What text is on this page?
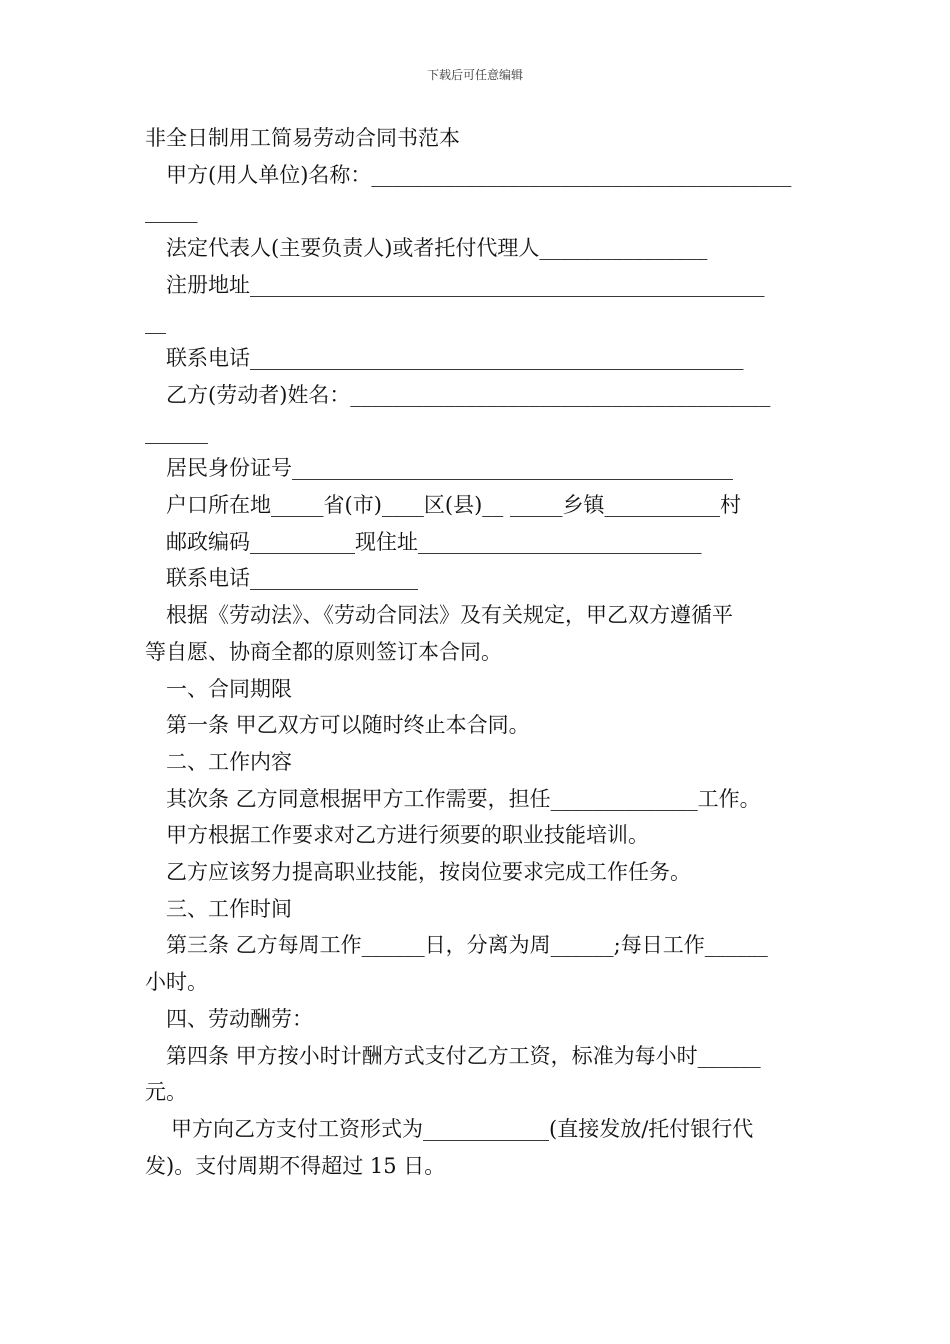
下载后可任意编辑
非全日制用工简易劳动合同书范本
甲方(用人单位)名称：________________________________________
_____
法定代表人(主要负责人)或者托付代理人________________
注册地址_________________________________________________
__
联系电话_______________________________________________
乙方(劳动者)姓名：________________________________________
______
居民身份证号__________________________________________
户口所在地_____省(市)____区(县)__ _____乡镇___________村
邮政编码__________现住址___________________________
联系电话________________
根据《劳动法》、《劳动合同法》及有关规定，甲乙双方遵循平
等自愿、协商全都的原则签订本合同。
一、合同期限
第一条 甲乙双方可以随时终止本合同。
二、工作内容
其次条 乙方同意根据甲方工作需要，担任______________工作。
甲方根据工作要求对乙方进行须要的职业技能培训。
乙方应该努力提高职业技能，按岗位要求完成工作任务。
三、工作时间
第三条 乙方每周工作______日，分离为周______;每日工作______
小时。
四、劳动酬劳：
第四条 甲方按小时计酬方式支付乙方工资，标准为每小时______
元。
甲方向乙方支付工资形式为____________(直接发放/托付银行代
发)。支付周期不得超过 15 日。
